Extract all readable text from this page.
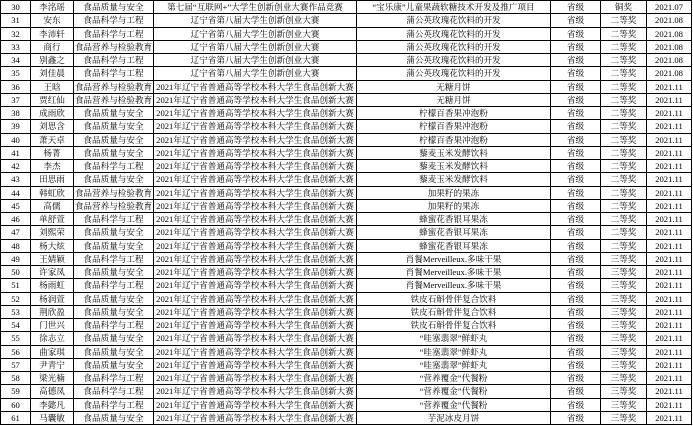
30	李洺瑶	食品质量与安全	第七届“互联网+”大学生创新创业大赛作品竞赛	“宝乐康”儿童果蔬软糖技术开发及推广项目	省级	铜奖	2021.07
31	安东	食品科学与工程	辽宁省第八届大学生创新创业大赛	蒲公英玫瑰花饮料的开发	省级	二等奖	2021.08
32	李沛轩	食品科学与工程	辽宁省第八届大学生创新创业大赛	蒲公英玫瑰花饮料的开发	省级	二等奖	2021.08
33	商行	食品营养与检验教育	辽宁省第八届大学生创新创业大赛	蒲公英玫瑰花饮料的开发	省级	二等奖	2021.08
34	别鑫之	食品科学与工程	辽宁省第八届大学生创新创业大赛	蒲公英玫瑰花饮料的开发	省级	二等奖	2021.08
35	刘佳晨	食品科学与工程	辽宁省第八届大学生创新创业大赛	蒲公英玫瑰花饮料的开发	省级	二等奖	2021.08
36	王晗	食品营养与检验教育 2021年辽宁省普通高等学校本科大学生食品创新大赛	无糖月饼	省级	二等奖	2021.11
37	贾红仙	食品营养与检验教育 2021年辽宁省普通高等学校本科大学生食品创新大赛	无糖月饼	省级	二等奖	2021.11
38	成雨欣	食品质量与安全	2021年辽宁省普通高等学校本科大学生食品创新大赛	柠檬百香果冲泡粉	省级	二等奖	2021.11
39	刘思含	食品质量与安全	2021年辽宁省普通高等学校本科大学生食品创新大赛	柠檬百香果冲泡粉	省级	二等奖	2021.11
40	萧天卓	食品质量与安全	2021年辽宁省普通高等学校本科大学生食品创新大赛	柠檬百香果冲泡粉	省级	二等奖	2021.11
41	杨菁	食品质量与安全	2021年辽宁省普通高等学校本科大学生食品创新大赛	藜麦玉米发酵饮料	省级	二等奖	2021.11
42	李杰	食品科学与工程	2021年辽宁省普通高等学校本科大学生食品创新大赛	藜麦玉米发酵饮料	省级	二等奖	2021.11
43	田思雨	食品质量与安全	2021年辽宁省普通高等学校本科大学生食品创新大赛	藜麦玉米发酵饮料	省级	二等奖	2021.11
44	韩虹欣	食品营养与检验教育 2021年辽宁省普通高等学校本科大学生食品创新大赛	加果籽的果冻	省级	二等奖	2021.11
45	高儒	食品营养与检验教育 2021年辽宁省普通高等学校本科大学生食品创新大赛	加果籽的果冻	省级	二等奖	2021.11
46	单舒萱	食品科学与工程	2021年辽宁省普通高等学校本科大学生食品创新大赛	蜂蜜花香银耳果冻	省级	二等奖	2021.11
47	刘熙荣	食品质量与安全	2021年辽宁省普通高等学校本科大学生食品创新大赛	蜂蜜花香银耳果冻	省级	二等奖	2021.11
48	杨大炫	食品质量与安全	2021年辽宁省普通高等学校本科大学生食品创新大赛	蜂蜜花香银耳果冻	省级	二等奖	2021.11
49	王婧颖	食品科学与工程	2021年辽宁省普通高等学校本科大学生食品创新大赛	肖餐Merveilleux.多味干果	省级	三等奖	2021.11
50	许家凤	食品质量与安全	2021年辽宁省普通高等学校本科大学生食品创新大赛	肖餐Merveilleux.多味干果	省级	三等奖	2021.11
51	杨雨虹	食品科学与工程	2021年辽宁省普通高等学校本科大学生食品创新大赛	肖餐Merveilleux.多味干果	省级	三等奖	2021.11
52	杨润萱	食品质量与安全	2021年辽宁省普通高等学校本科大学生食品创新大赛	铁皮石斛骨伴复合饮料	省级	三等奖	2021.11
53	荆欣盈	食品质量与安全	2021年辽宁省普通高等学校本科大学生食品创新大赛	铁皮石斛骨伴复合饮料	省级	三等奖	2021.11
54	门世兴	食品科学与工程	2021年辽宁省普通高等学校本科大学生食品创新大赛	铁皮石斛骨伴复合饮料	省级	三等奖	2021.11
55	徐志立	食品质量与安全	2021年辽宁省普通高等学校本科大学生食品创新大赛	“哇塞翡翠”鲜虾丸	省级	三等奖	2021.11
56	曲家琪	食品质量与安全	2021年辽宁省普通高等学校本科大学生食品创新大赛	“哇塞翡翠”鲜虾丸	省级	三等奖	2021.11
57	尹青宁	食品质量与安全	2021年辽宁省普通高等学校本科大学生食品创新大赛	“哇塞翡翠”鲜虾丸	省级	三等奖	2021.11
58	梁光楠	食品科学与工程	2021年辽宁省普通高等学校本科大学生食品创新大赛	“营养覆金”代餐粉	省级	三等奖	2021.11
59	高德凤	食品科学与工程	2021年辽宁省普通高等学校本科大学生食品创新大赛	“营养覆金”代餐粉	省级	三等奖	2021.11
60	李懿凡	食品科学与工程	2021年辽宁省普通高等学校本科大学生食品创新大赛	“营养覆金”代餐粉	省级	三等奖	2021.11
61	马囊敏	食品质量与安全	2021年辽宁省普通高等学校本科大学生食品创新大赛	芋泥冰皮月饼	省级	三等奖	2021.11
